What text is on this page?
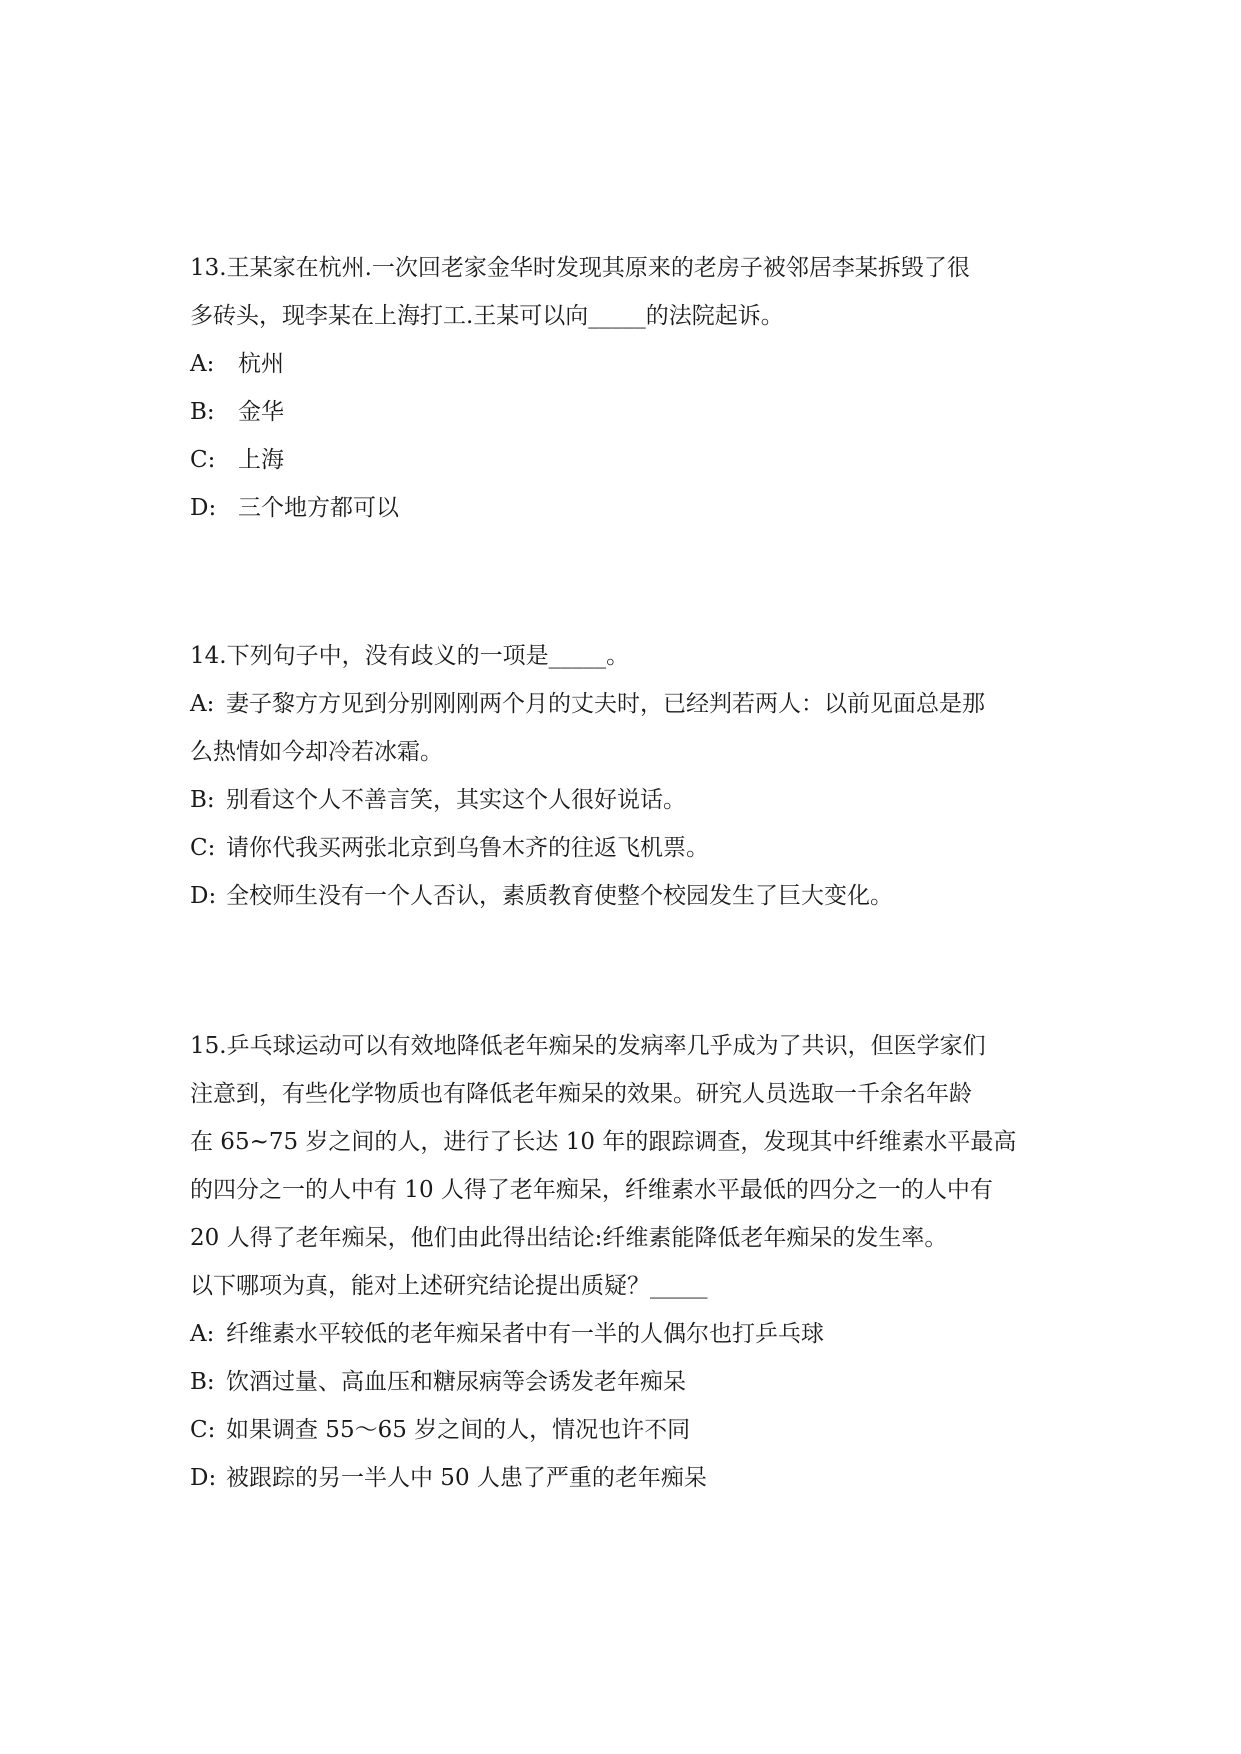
13.王某家在杭州.一次回老家金华时发现其原来的老房子被邻居李某拆毁了很
多砖头，现李某在上海打工.王某可以向_____的法院起诉。
A: 杭州
B: 金华
C: 上海
D: 三个地方都可以
14.下列句子中，没有歧义的一项是_____。
A: 妻子黎方方见到分别刚刚两个月的丈夫时，已经判若两人：以前见面总是那
么热情如今却冷若冰霜。
B: 别看这个人不善言笑，其实这个人很好说话。
C: 请你代我买两张北京到乌鲁木齐的往返飞机票。
D: 全校师生没有一个人否认，素质教育使整个校园发生了巨大变化。
15.乒乓球运动可以有效地降低老年痴呆的发病率几乎成为了共识，但医学家们
注意到，有些化学物质也有降低老年痴呆的效果。研究人员选取一千余名年龄
在 65~75 岁之间的人，进行了长达 10 年的跟踪调查，发现其中纤维素水平最高
的四分之一的人中有 10 人得了老年痴呆，纤维素水平最低的四分之一的人中有
20 人得了老年痴呆，他们由此得出结论:纤维素能降低老年痴呆的发生率。
以下哪项为真，能对上述研究结论提出质疑？_____
A: 纤维素水平较低的老年痴呆者中有一半的人偶尔也打乒乓球
B: 饮酒过量、高血压和糖尿病等会诱发老年痴呆
C: 如果调查 55～65 岁之间的人，情况也许不同
D: 被跟踪的另一半人中 50 人患了严重的老年痴呆
